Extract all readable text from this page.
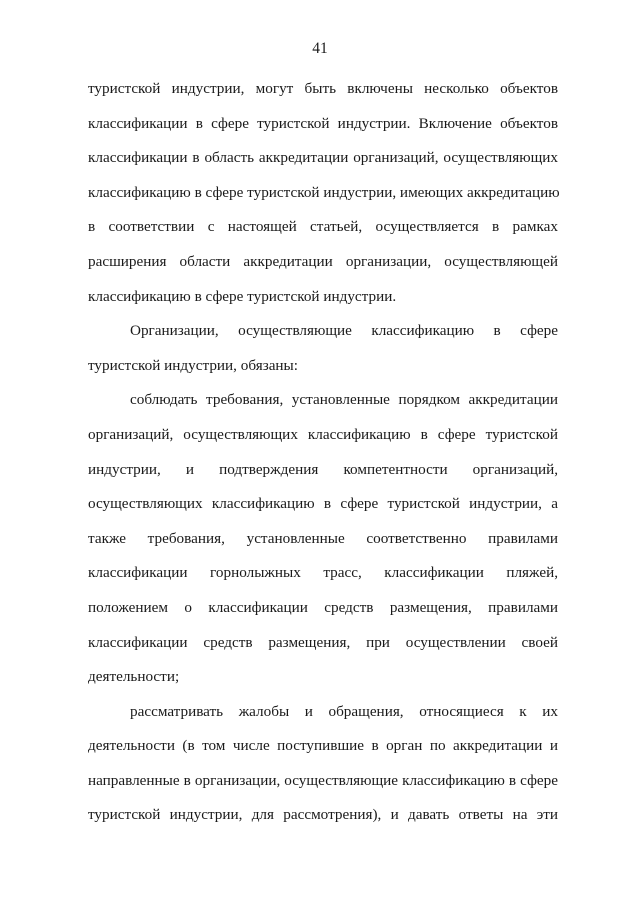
41
туристской индустрии, могут быть включены несколько объектов
классификации в сфере туристской индустрии. Включение объектов
классификации в область аккредитации организаций, осуществляющих
классификацию в сфере туристской индустрии, имеющих аккредитацию
в соответствии с настоящей статьей, осуществляется в рамках
расширения области аккредитации организации, осуществляющей
классификацию в сфере туристской индустрии.
Организации, осуществляющие классификацию в сфере
туристской индустрии, обязаны:
соблюдать требования, установленные порядком аккредитации
организаций, осуществляющих классификацию в сфере туристской
индустрии, и подтверждения компетентности организаций,
осуществляющих классификацию в сфере туристской индустрии, а
также требования, установленные соответственно правилами
классификации горнолыжных трасс, классификации пляжей,
положением о классификации средств размещения, правилами
классификации средств размещения, при осуществлении своей
деятельности;
рассматривать жалобы и обращения, относящиеся к их
деятельности (в том числе поступившие в орган по аккредитации и
направленные в организации, осуществляющие классификацию в сфере
туристской индустрии, для рассмотрения), и давать ответы на эти
